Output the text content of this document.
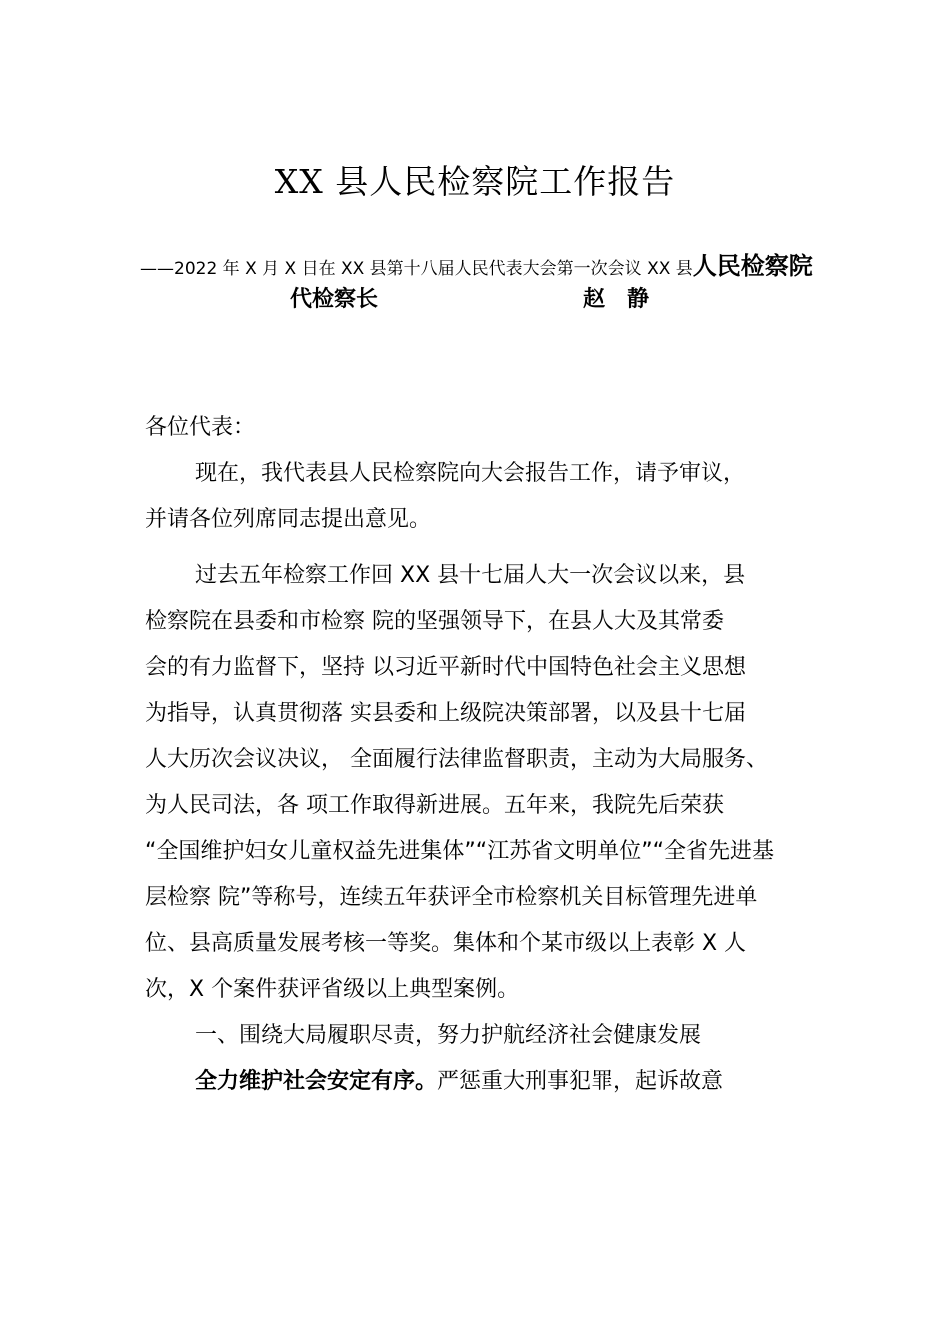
XX 县人民检察院工作报告
——2022 年 X 月 X 日在 XX 县第十八届人民代表大会第一次会议 XX 县人民检察院
代检察长	赵静
各位代表：
现在，我代表县人民检察院向大会报告工作，请予审议，
并请各位列席同志提出意见。
过去五年检察工作回 XX 县十七届人大一次会议以来，县
检察院在县委和市检察 院的坚强领导下，在县人大及其常委
会的有力监督下，坚持 以习近平新时代中国特色社会主义思想
为指导，认真贯彻落 实县委和上级院决策部署，以及县十七届
人大历次会议决议， 全面履行法律监督职责，主动为大局服务、
为人民司法，各 项工作取得新进展。五年来，我院先后荣获
“全国维护妇女儿童权益先进集体”“江苏省文明单位”“全省先进基
层检察 院”等称号，连续五年获评全市检察机关目标管理先进单
位、县高质量发展考核一等奖。集体和个某市级以上表彰 X 人
次，X 个案件获评省级以上典型案例。
一、围绕大局履职尽责，努力护航经济社会健康发展
全力维护社会安定有序。严惩重大刑事犯罪，起诉故意
